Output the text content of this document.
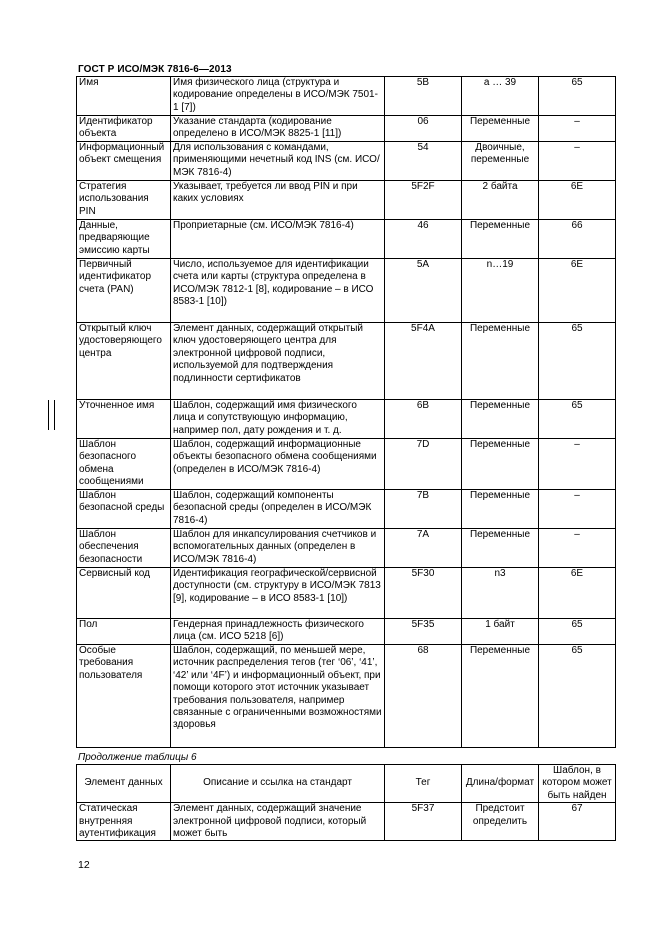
ГОСТ Р ИСО/МЭК 7816-6—2013
Имя	Имя физического лица (структура и кодирование определены в ИСО/МЭК 7501-1 [7])	5B	a … 39	65
Идентификатор объекта	Указание стандарта (кодирование определено в ИСО/МЭК 8825-1 [11])	06	Переменные	–
Информационный объект смещения	Для использования с командами, применяющими нечетный код INS (см. ИСО/МЭК 7816-4)	54	Двоичные, переменные	–
Стратегия использования PIN	Указывает, требуется ли ввод PIN и при каких условиях	5F2F	2 байта	6E
Данные, предваряющие эмиссию карты	Проприетарные (см. ИСО/МЭК 7816-4)	46	Переменные	66
Первичный идентификатор счета (PAN)	Число, используемое для идентификации счета или карты (структура определена в ИСО/МЭК 7812-1 [8], кодирование – в ИСО 8583-1 [10])	5A	n…19	6E
Открытый ключ удостоверяющего центра	Элемент данных, содержащий открытый ключ удостоверяющего центра для электронной цифровой подписи, используемой для подтверждения подлинности сертификатов	5F4A	Переменные	65
Уточненное имя	Шаблон, содержащий имя физического лица и сопутствующую информацию, например пол, дату рождения и т. д.	6B	Переменные	65
Шаблон безопасного обмена сообщениями	Шаблон, содержащий информационные объекты безопасного обмена сообщениями (определен в ИСО/МЭК 7816-4)	7D	Переменные	–
Шаблон безопасной среды	Шаблон, содержащий компоненты безопасной среды (определен в ИСО/МЭК 7816-4)	7B	Переменные	–
Шаблон обеспечения безопасности	Шаблон для инкапсулирования счетчиков и вспомогательных данных (определен в ИСО/МЭК 7816-4)	7A	Переменные	–
Сервисный код	Идентификация географической/сервисной доступности (см. структуру в ИСО/МЭК 7813 [9], кодирование – в ИСО 8583-1 [10])	5F30	n3	6E
Пол	Гендерная принадлежность физического лица (см. ИСО 5218 [6])	5F35	1 байт	65
Особые требования пользователя	Шаблон, содержащий, по меньшей мере, источник распределения тегов (тег ‘06’, ‘41’, ‘42’ или ‘4F’) и информационный объект, при помощи которого этот источник указывает требования пользователя, например связанные с ограниченными возможностями здоровья	68	Переменные	65
Продолжение таблицы 6
Элемент данных	Описание и ссылка на стандарт	Тег	Длина/формат	Шаблон, в котором может быть найден
Статическая внутренняя аутентификация	Элемент данных, содержащий значение электронной цифровой подписи, который может быть	5F37	Предстоит определить	67
12
